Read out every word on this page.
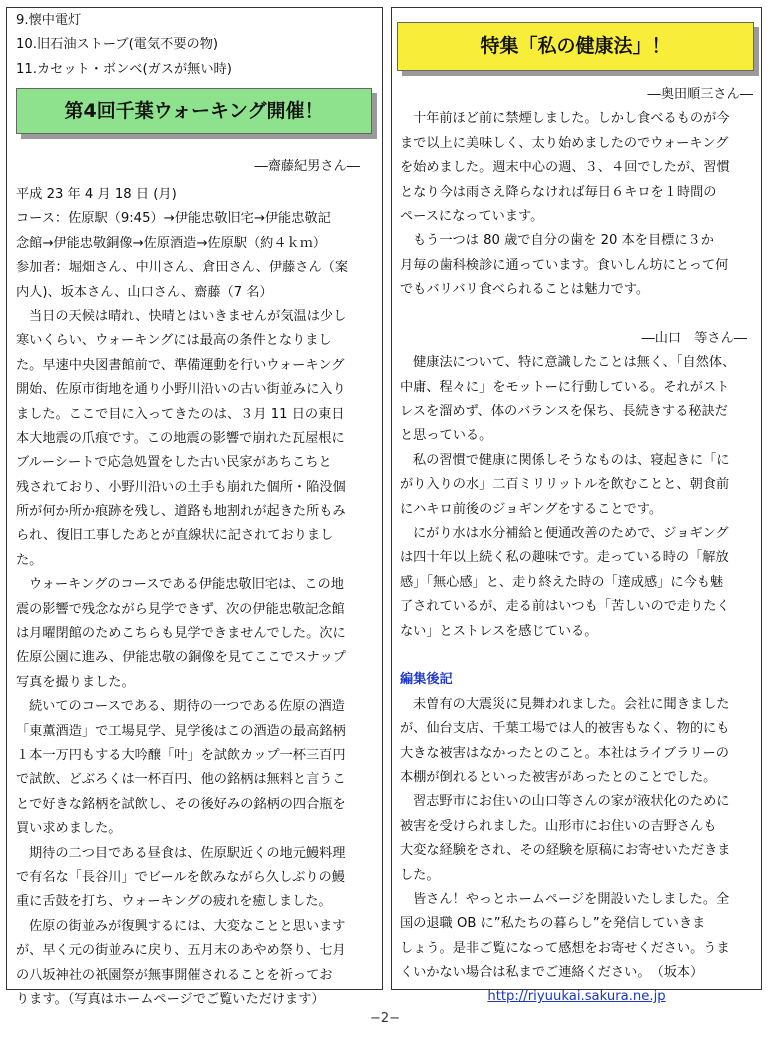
9.懐中電灯
10.旧石油ストーブ(電気不要の物)
11.カセット・ボンベ(ガスが無い時)
第4回千葉ウォーキング開催！
―齋藤紀男さん―
平成 23 年 4 月 18 日 (月)
コース：佐原駅（9:45）→伊能忠敬旧宅→伊能忠敬記
念館→伊能忠敬銅像→佐原酒造→佐原駅（約４ｋｍ）
参加者：堀畑さん、中川さん、倉田さん、伊藤さん（案
内人)、坂本さん、山口さん、齋藤（7 名）
当日の天候は晴れ、快晴とはいきませんが気温は少し
寒いくらい、ウォーキングには最高の条件となりまし
た。早速中央図書館前で、準備運動を行いウォーキング
開始、佐原市街地を通り小野川沿いの古い街並みに入り
ました。ここで目に入ってきたのは、３月 11 日の東日
本大地震の爪痕です。この地震の影響で崩れた瓦屋根に
ブルーシートで応急処置をした古い民家があちこちと
残されており、小野川沿いの土手も崩れた個所・陥没個
所が何か所か痕跡を残し、道路も地割れが起きた所もみ
られ、復旧工事したあとが直線状に記されておりまし
た。
ウォーキングのコースである伊能忠敬旧宅は、この地
震の影響で残念ながら見学できず、次の伊能忠敬記念館
は月曜閉館のためこちらも見学できませんでした。次に
佐原公園に進み、伊能忠敬の銅像を見てここでスナップ
写真を撮りました。
続いてのコースである、期待の一つである佐原の酒造
「東薫酒造」で工場見学、見学後はこの酒造の最高銘柄
１本一万円もする大吟醸「叶」を試飲カップ一杯三百円
で試飲、どぶろくは一杯百円、他の銘柄は無料と言うこ
とで好きな銘柄を試飲し、その後好みの銘柄の四合瓶を
買い求めました。
期待の二つ目である昼食は、佐原駅近くの地元鰻料理
で有名な「長谷川」でビールを飲みながら久しぶりの鰻
重に舌鼓を打ち、ウォーキングの疲れを癒しました。
佐原の街並みが復興するには、大変なことと思います
が、早く元の街並みに戻り、五月末のあやめ祭り、七月
の八坂神社の祇園祭が無事開催されることを祈ってお
ります。（写真はホームページでご覧いただけます）
特集「私の健康法」！
―奥田順三さん―
十年前ほど前に禁煙しました。しかし食べるものが今
まで以上に美味しく、太り始めましたのでウォーキング
を始めました。週末中心の週、３、４回でしたが、習慣
となり今は雨さえ降らなければ毎日６キロを１時間の
ペースになっています。
もう一つは 80 歳で自分の歯を 20 本を目標に３か
月毎の歯科検診に通っています。食いしん坊にとって何
でもバリバリ食べられることは魅力です。
―山口　等さん―
健康法について、特に意識したことは無く、「自然体、
中庸、程々に」をモットーに行動している。それがスト
レスを溜めず、体のバランスを保ち、長続きする秘訣だ
と思っている。
私の習慣で健康に関係しそうなものは、寝起きに「に
がり入りの水」二百ミリリットルを飲むことと、朝食前
にハキロ前後のジョギングをすることです。
にがり水は水分補給と便通改善のためで、ジョギング
は四十年以上続く私の趣味です。走っている時の「解放
感」「無心感」と、走り終えた時の「達成感」に今も魅
了されているが、走る前はいつも「苦しいので走りたく
ない」とストレスを感じている。
編集後記
未曽有の大震災に見舞われました。会社に聞きました
が、仙台支店、千葉工場では人的被害もなく、物的にも
大きな被害はなかったとのこと。本社はライブラリーの
本棚が倒れるといった被害があったとのことでした。
習志野市にお住いの山口等さんの家が液状化のために
被害を受けられました。山形市にお住いの吉野さんも
大変な経験をされ、その経験を原稿にお寄せいただきま
した。
皆さん！やっとホームページを開設いたしました。全
国の退職 OB に”私たちの暮らし”を発信していきま
しょう。是非ご覧になって感想をお寄せください。うま
くいかない場合は私までご連絡ください。　（坂本）
http://riyuukai.sakura.ne.jp
−2−
